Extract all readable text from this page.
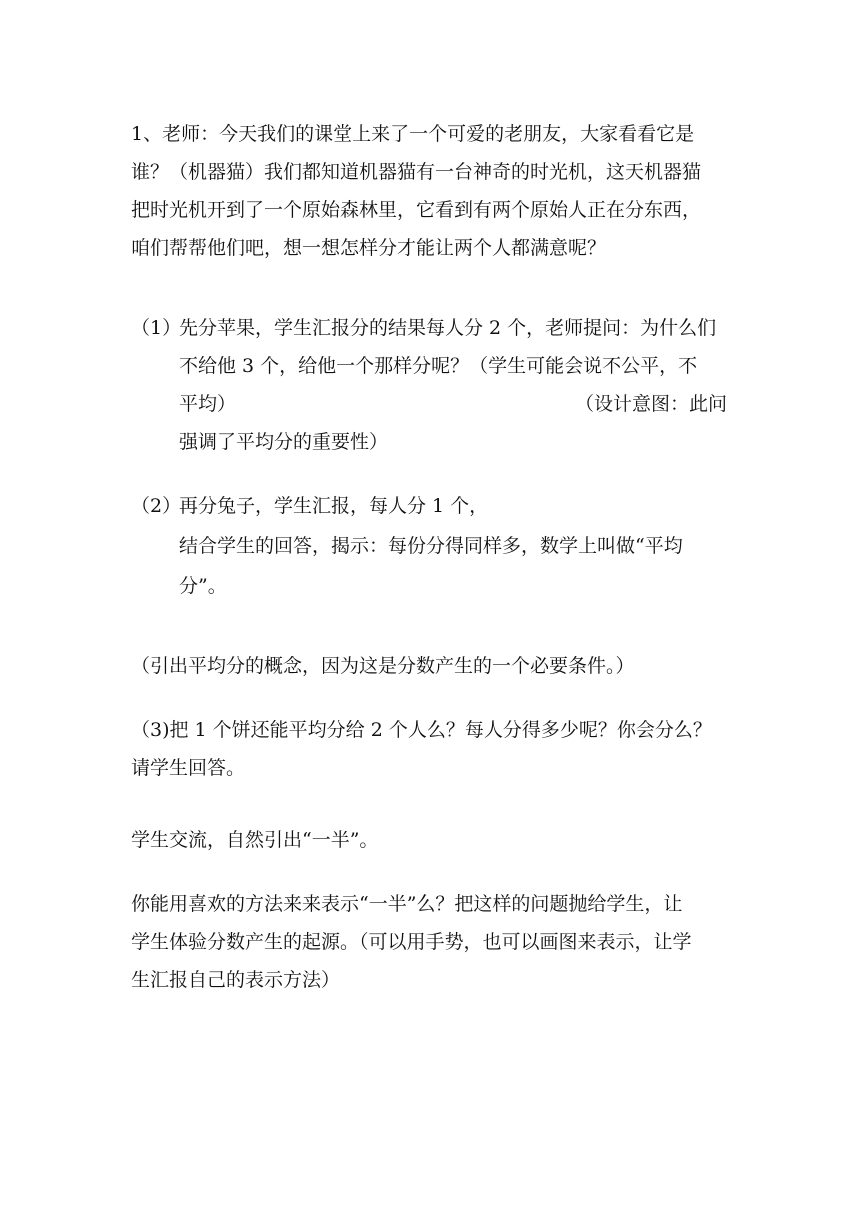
1、老师：今天我们的课堂上来了一个可爱的老朋友，大家看看它是
谁？（机器猫）我们都知道机器猫有一台神奇的时光机，这天机器猫
把时光机开到了一个原始森林里，它看到有两个原始人正在分东西，
咱们帮帮他们吧，想一想怎样分才能让两个人都满意呢？
（1）先分苹果，学生汇报分的结果每人分 2 个，老师提问：为什么们
不给他 3 个，给他一个那样分呢？（学生可能会说不公平，不
平均）	（设计意图：此问
强调了平均分的重要性）
（2）再分兔子，学生汇报，每人分 1 个，
结合学生的回答，揭示：每份分得同样多，数学上叫做“平均
分”。
（引出平均分的概念，因为这是分数产生的一个必要条件。）
（3)把 1 个饼还能平均分给 2 个人么？每人分得多少呢？你会分么？
请学生回答。
学生交流，自然引出“一半”。
你能用喜欢的方法来来表示“一半”么？把这样的问题抛给学生，让
学生体验分数产生的起源。（可以用手势，也可以画图来表示，让学
生汇报自己的表示方法）
